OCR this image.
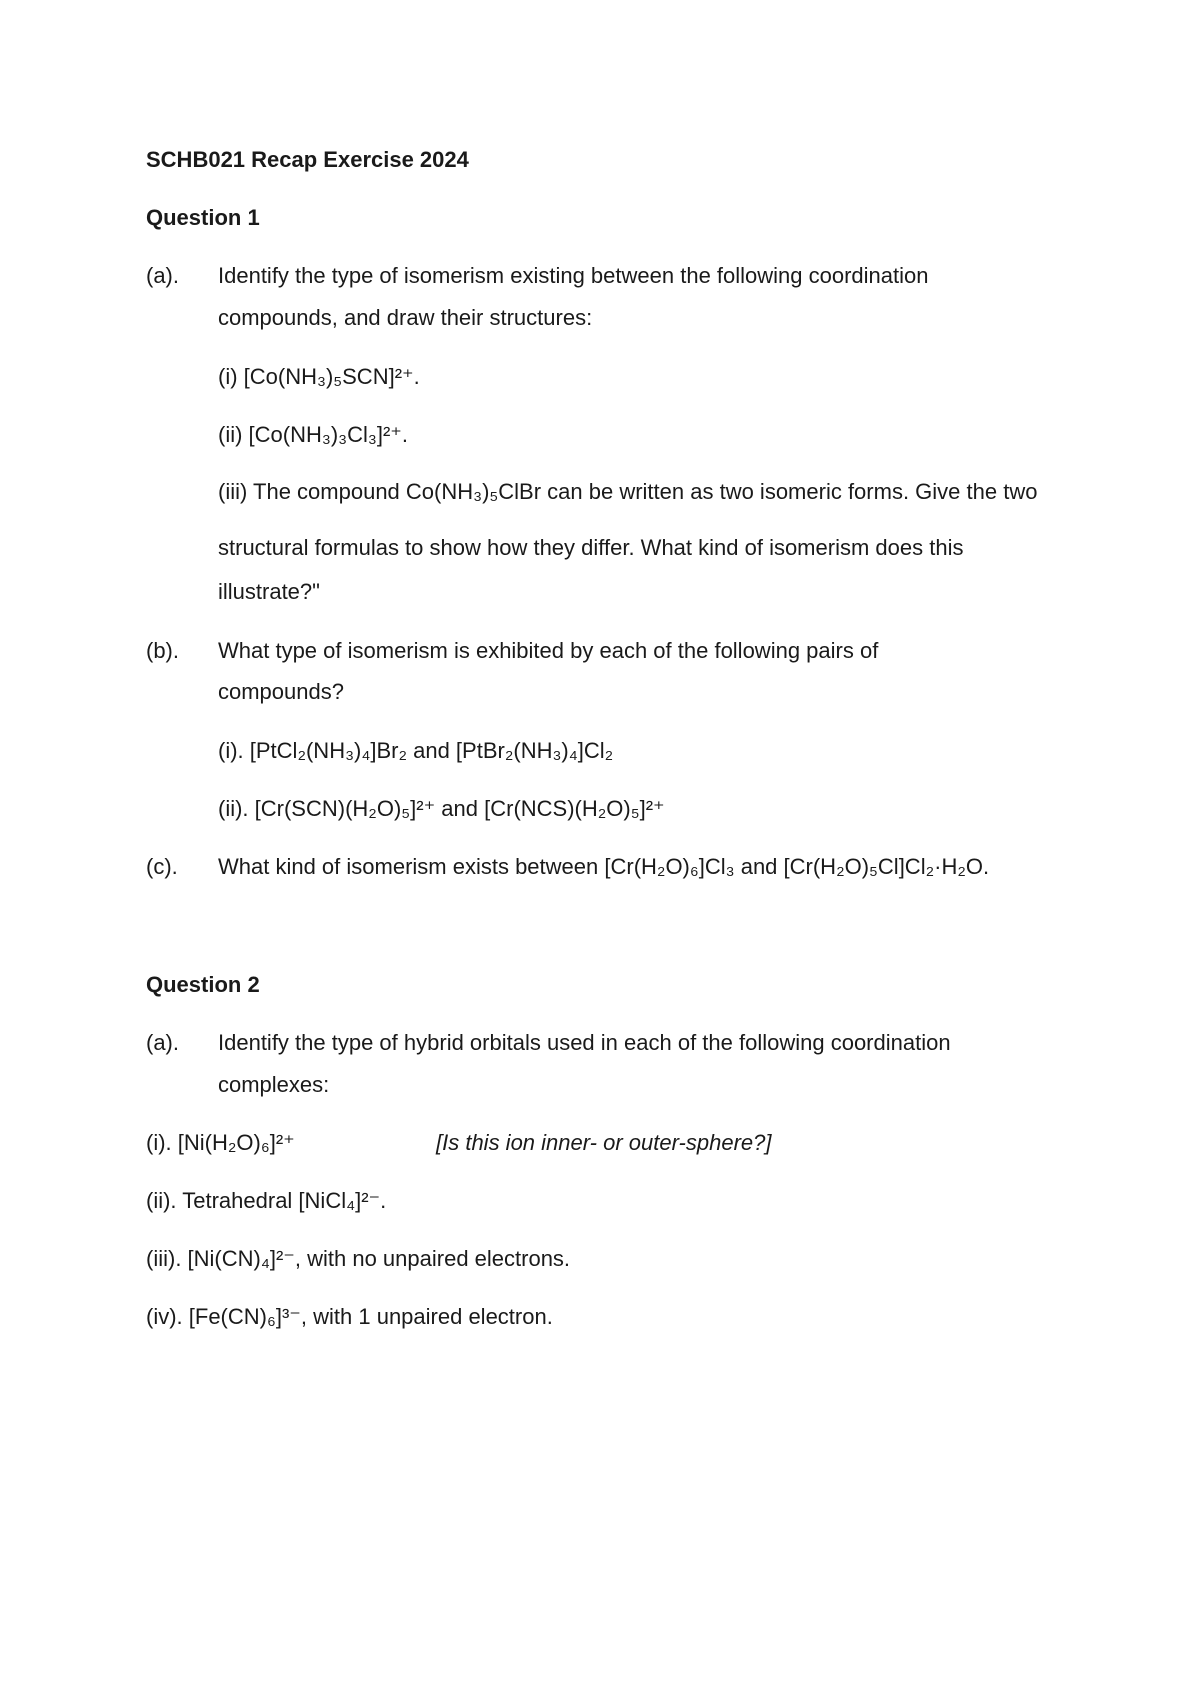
SCHB021 Recap Exercise 2024
Question 1
(a). Identify the type of isomerism existing between the following coordination
compounds, and draw their structures:
(i) [Co(NH₃)₅SCN]²⁺.
(ii) [Co(NH₃)₃Cl₃]²⁺.
(iii) The compound Co(NH₃)₅ClBr can be written as two isomeric forms. Give the two
structural formulas to show how they differ. What kind of isomerism does this
illustrate?"
(b). What type of isomerism is exhibited by each of the following pairs of
compounds?
(i). [PtCl₂(NH₃)₄]Br₂ and [PtBr₂(NH₃)₄]Cl₂
(ii). [Cr(SCN)(H₂O)₅]²⁺ and [Cr(NCS)(H₂O)₅]²⁺
(c). What kind of isomerism exists between [Cr(H₂O)₆]Cl₃ and [Cr(H₂O)₅Cl]Cl₂·H₂O.
Question 2
(a). Identify the type of hybrid orbitals used in each of the following coordination
complexes:
(i). [Ni(H₂O)₆]²⁺	[Is this ion inner- or outer-sphere?]
(ii). Tetrahedral [NiCl₄]²⁻.
(iii). [Ni(CN)₄]²⁻, with no unpaired electrons.
(iv). [Fe(CN)₆]³⁻, with 1 unpaired electron.
